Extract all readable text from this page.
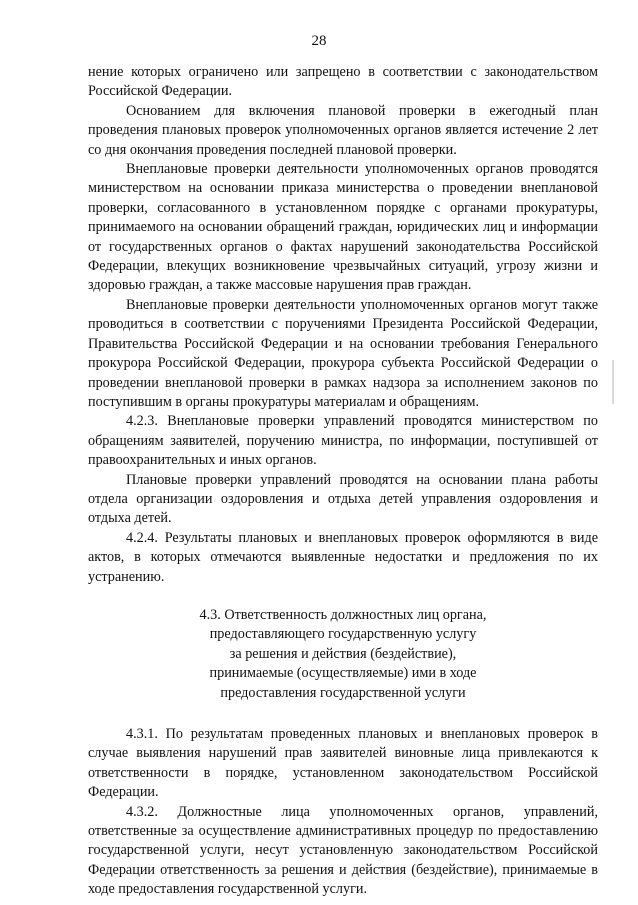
28

нение которых ограничено или запрещено в соответствии с законодательством Российской Федерации.

Основанием для включения плановой проверки в ежегодный план проведения плановых проверок уполномоченных органов является истечение 2 лет со дня окончания проведения последней плановой проверки.

Внеплановые проверки деятельности уполномоченных органов проводятся министерством на основании приказа министерства о проведении внеплановой проверки, согласованного в установленном порядке с органами прокуратуры, принимаемого на основании обращений граждан, юридических лиц и информации от государственных органов о фактах нарушений законодательства Российской Федерации, влекущих возникновение чрезвычайных ситуаций, угрозу жизни и здоровью граждан, а также массовые нарушения прав граждан.

Внеплановые проверки деятельности уполномоченных органов могут также проводиться в соответствии с поручениями Президента Российской Федерации, Правительства Российской Федерации и на основании требования Генерального прокурора Российской Федерации, прокурора субъекта Российской Федерации о проведении внеплановой проверки в рамках надзора за исполнением законов по поступившим в органы прокуратуры материалам и обращениям.

4.2.3. Внеплановые проверки управлений проводятся министерством по обращениям заявителей, поручению министра, по информации, поступившей от правоохранительных и иных органов.

Плановые проверки управлений проводятся на основании плана работы отдела организации оздоровления и отдыха детей управления оздоровления и отдыха детей.

4.2.4. Результаты плановых и внеплановых проверок оформляются в виде актов, в которых отмечаются выявленные недостатки и предложения по их устранению.

4.3. Ответственность должностных лиц органа,
предоставляющего государственную услугу
за решения и действия (бездействие),
принимаемые (осуществляемые) ими в ходе
предоставления государственной услуги

4.3.1. По результатам проведенных плановых и внеплановых проверок в случае выявления нарушений прав заявителей виновные лица привлекаются к ответственности в порядке, установленном законодательством Российской Федерации.

4.3.2. Должностные лица уполномоченных органов, управлений, ответственные за осуществление административных процедур по предоставлению государственной услуги, несут установленную законодательством Российской Федерации ответственность за решения и действия (бездействие), принимаемые в ходе предоставления государственной услуги.
